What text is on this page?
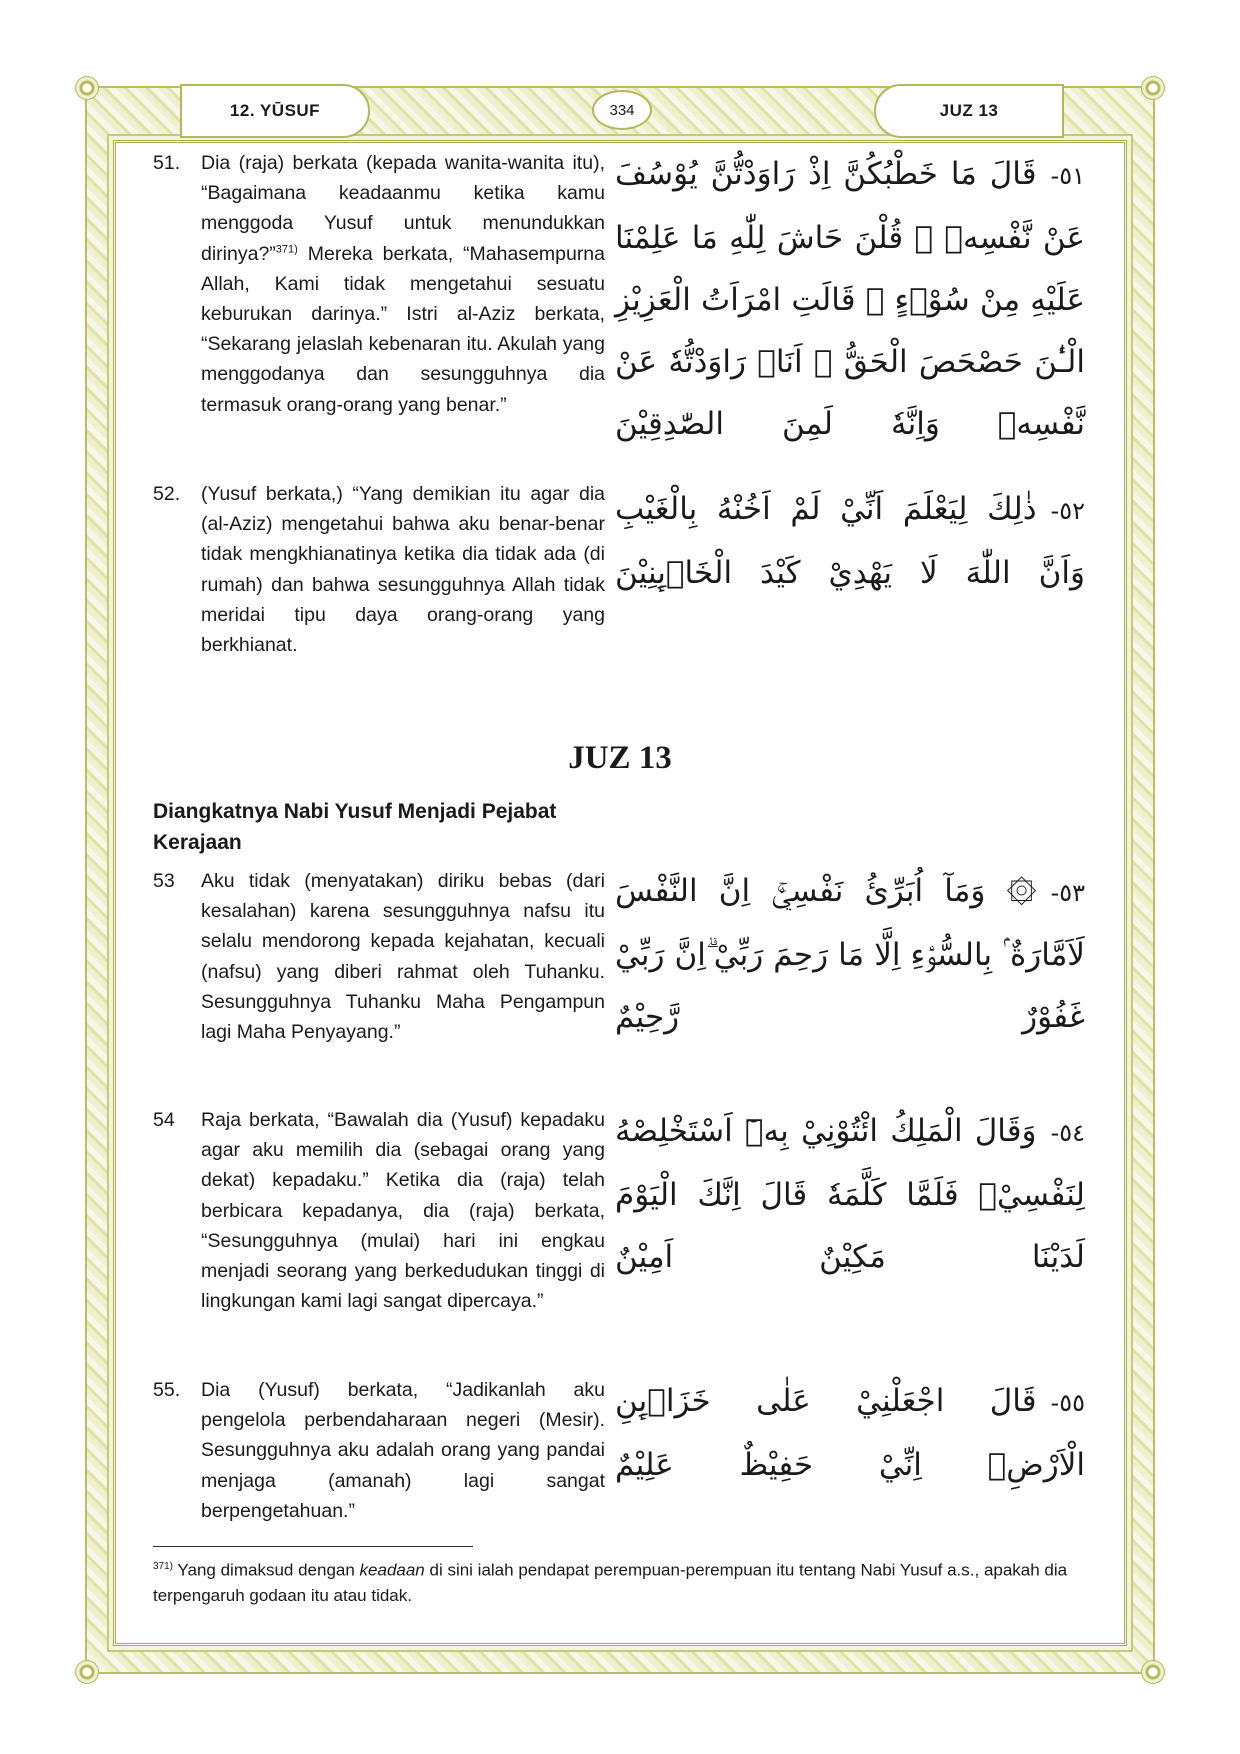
12. YŪSUF	334	JUZ 13
51. Dia (raja) berkata (kepada wanita-wanita itu), “Bagaimana keadaanmu ketika kamu menggoda Yusuf untuk menundukkan dirinya?”$^{371)}$ Mereka berkata, “Mahasempurna Allah, Kami tidak mengetahui sesuatu keburukan darinya.” Istri al-Aziz berkata, “Sekarang jelaslah kebenaran itu. Akulah yang menggodanya dan sesungguhnya dia termasuk orang-orang yang benar.”
٥١-قَالَ مَا خَطْبُكُنَّ اِذْ رَاوَدْتُّنَّ يُوْسُفَ عَنْ نَّفْسِهٖ ۗ قُلْنَ حَاشَ لِلّٰهِ مَا عَلِمْنَا عَلَيْهِ مِنْ سُوْۤءٍ ۗ قَالَتِ امْرَاَتُ الْعَزِيْزِ الْـٰٔنَ حَصْحَصَ الْحَقُّ ۖ اَنَا۠ رَاوَدْتُّهٗ عَنْ نَّفْسِهٖ وَاِنَّهٗ لَمِنَ الصّٰدِقِيْنَ
52. (Yusuf berkata,) “Yang demikian itu agar dia (al-Aziz) mengetahui bahwa aku benar-benar tidak mengkhianatinya ketika dia tidak ada (di rumah) dan bahwa sesungguhnya Allah tidak meridai tipu daya orang-orang yang berkhianat.
٥٢-ذٰلِكَ لِيَعْلَمَ اَنِّيْ لَمْ اَخُنْهُ بِالْغَيْبِ وَاَنَّ اللّٰهَ لَا يَهْدِيْ كَيْدَ الْخَاۤىِٕنِيْنَ
JUZ 13
Diangkatnya Nabi Yusuf Menjadi Pejabat Kerajaan
53 Aku tidak (menyatakan) diriku bebas (dari kesalahan) karena sesungguhnya nafsu itu selalu mendorong kepada kejahatan, kecuali (nafsu) yang diberi rahmat oleh Tuhanku. Sesungguhnya Tuhanku Maha Pengampun lagi Maha Penyayang.”
٥٣-۞ وَمَآ اُبَرِّئُ نَفْسِيْۚ اِنَّ النَّفْسَ لَاَمَّارَةٌ ۢ بِالسُّوْۤءِ اِلَّا مَا رَحِمَ رَبِّيْ ۗاِنَّ رَبِّيْ غَفُوْرٌ رَّحِيْمٌ
54 Raja berkata, “Bawalah dia (Yusuf) kepadaku agar aku memilih dia (sebagai orang yang dekat) kepadaku.” Ketika dia (raja) telah berbicara kepadanya, dia (raja) berkata, “Sesungguhnya (mulai) hari ini engkau menjadi seorang yang berkedudukan tinggi di lingkungan kami lagi sangat dipercaya.”
٥٤-وَقَالَ الْمَلِكُ ائْتُوْنِيْ بِهٖٓ اَسْتَخْلِصْهُ لِنَفْسِيْۚ فَلَمَّا كَلَّمَهٗ قَالَ اِنَّكَ الْيَوْمَ لَدَيْنَا مَكِيْنٌ اَمِيْنٌ
55. Dia (Yusuf) berkata, “Jadikanlah aku pengelola perbendaharaan negeri (Mesir). Sesungguhnya aku adalah orang yang pandai menjaga (amanah) lagi sangat berpengetahuan.”
٥٥-قَالَ اجْعَلْنِيْ عَلٰى خَزَاۤىِٕنِ الْاَرْضِۚ اِنِّيْ حَفِيْظٌ عَلِيْمٌ
$^{371)}$ Yang dimaksud dengan keadaan di sini ialah pendapat perempuan-perempuan itu tentang Nabi Yusuf a.s., apakah dia terpengaruh godaan itu atau tidak.
